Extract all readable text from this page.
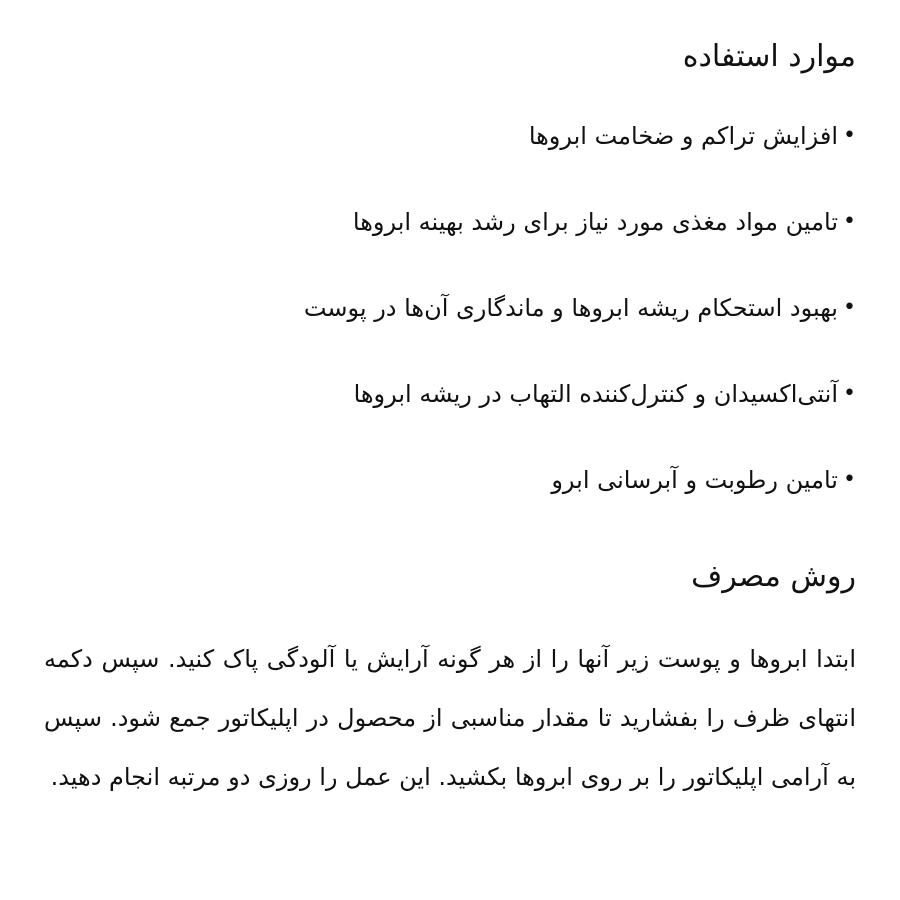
موارد استفاده
•
افزایش تراکم و ضخامت ابروها
•
تامین مواد مغذی مورد نیاز برای رشد بهینه ابروها
•
بهبود استحکام ریشه ابروها و ماندگاری آن‌ها در پوست
•
آنتی‌اکسیدان و کنترل‌کننده التهاب در ریشه ابروها
•
تامین رطوبت و آبرسانی ابرو
روش مصرف

ابتدا ابروها و پوست زیر آنها را از هر گونه آرایش یا آلودگی پاک کنید. سپس دکمه انتهای ظرف را بفشارید تا مقدار مناسبی از محصول در اپلیکاتور جمع شود. سپس به آرامی اپلیکاتور را بر روی ابروها بکشید. این عمل را روزی دو مرتبه انجام دهید.
